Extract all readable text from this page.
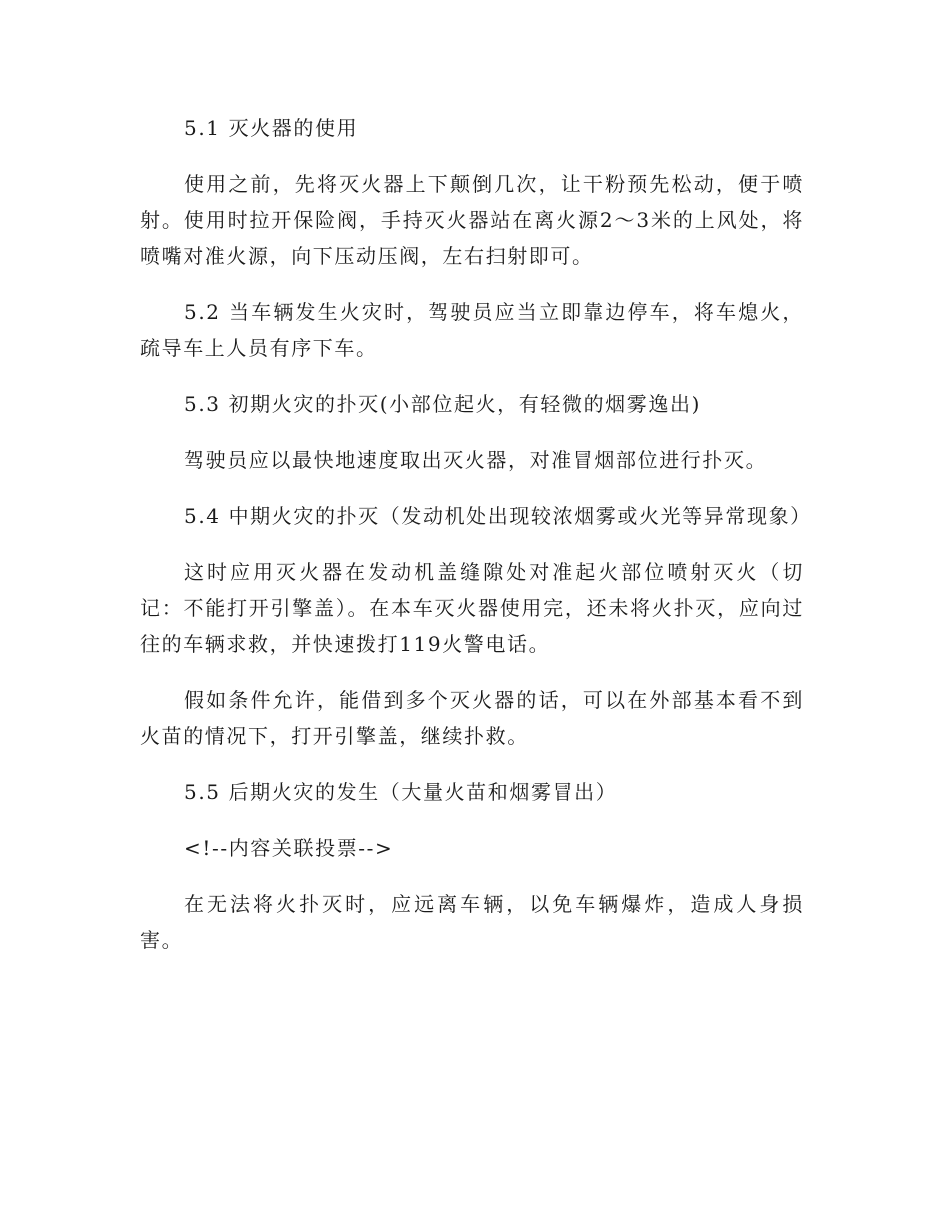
5.1 灭火器的使用

使用之前，先将灭火器上下颠倒几次，让干粉预先松动，便于喷射。使用时拉开保险阀，手持灭火器站在离火源2～3米的上风处，将喷嘴对准火源，向下压动压阀，左右扫射即可。

5.2 当车辆发生火灾时，驾驶员应当立即靠边停车，将车熄火，疏导车上人员有序下车。

5.3 初期火灾的扑灭(小部位起火，有轻微的烟雾逸出)

驾驶员应以最快地速度取出灭火器，对准冒烟部位进行扑灭。

5.4 中期火灾的扑灭（发动机处出现较浓烟雾或火光等异常现象）

这时应用灭火器在发动机盖缝隙处对准起火部位喷射灭火（切记：不能打开引擎盖）。在本车灭火器使用完，还未将火扑灭，应向过往的车辆求救，并快速拨打119火警电话。

假如条件允许，能借到多个灭火器的话，可以在外部基本看不到火苗的情况下，打开引擎盖，继续扑救。

5.5 后期火灾的发生（大量火苗和烟雾冒出）

<!--内容关联投票-->

在无法将火扑灭时，应远离车辆，以免车辆爆炸，造成人身损害。
